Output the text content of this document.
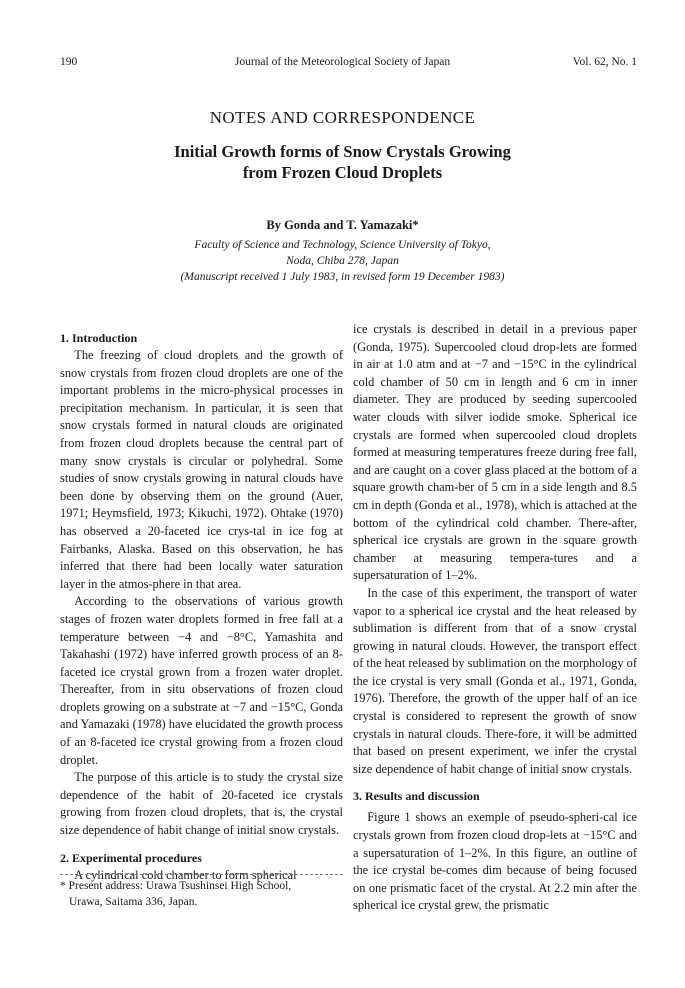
190	Journal of the Meteorological Society of Japan	Vol. 62, No. 1
NOTES AND CORRESPONDENCE
Initial Growth forms of Snow Crystals Growing
from Frozen Cloud Droplets
By Gonda and T. Yamazaki*
Faculty of Science and Technology, Science University of Tokyo,
Noda, Chiba 278, Japan
(Manuscript received 1 July 1983, in revised form 19 December 1983)
1. Introduction

The freezing of cloud droplets and the growth of snow crystals from frozen cloud droplets are one of the important problems in the micro-physical processes in precipitation mechanism. In particular, it is seen that snow crystals formed in natural clouds are originated from frozen cloud droplets because the central part of many snow crystals is circular or polyhedral. Some studies of snow crystals growing in natural clouds have been done by observing them on the ground (Auer, 1971; Heymsfield, 1973; Kikuchi, 1972). Ohtake (1970) has observed a 20-faceted ice crys-tal in ice fog at Fairbanks, Alaska. Based on this observation, he has inferred that there had been locally water saturation layer in the atmos-phere in that area.

According to the observations of various growth stages of frozen water droplets formed in free fall at a temperature between −4 and −8°C, Yamashita and Takahashi (1972) have inferred growth process of an 8-faceted ice crystal grown from a frozen water droplet. Thereafter, from in situ observations of frozen cloud droplets growing on a substrate at −7 and −15°C, Gonda and Yamazaki (1978) have elucidated the growth process of an 8-faceted ice crystal growing from a frozen cloud droplet.

The purpose of this article is to study the crystal size dependence of the habit of 20-faceted ice crystals growing from frozen cloud droplets, that is, the crystal size dependence of habit change of initial snow crystals.

2. Experimental procedures

A cylindrical cold chamber to form spherical

* Present address: Urawa Tsushinsei High School,
Urawa, Saitama 336, Japan.

ice crystals is described in detail in a previous paper (Gonda, 1975). Supercooled cloud drop-lets are formed in air at 1.0 atm and at −7 and −15°C in the cylindrical cold chamber of 50 cm in length and 6 cm in inner diameter. They are produced by seeding supercooled water clouds with silver iodide smoke. Spherical ice crystals are formed when supercooled cloud droplets formed at measuring temperatures freeze during free fall, and are caught on a cover glass placed at the bottom of a square growth cham-ber of 5 cm in a side length and 8.5 cm in depth (Gonda et al., 1978), which is attached at the bottom of the cylindrical cold chamber. There-after, spherical ice crystals are grown in the square growth chamber at measuring tempera-tures and a supersaturation of 1–2%.

In the case of this experiment, the transport of water vapor to a spherical ice crystal and the heat released by sublimation is different from that of a snow crystal growing in natural clouds. However, the transport effect of the heat released by sublimation on the morphology of the ice crystal is very small (Gonda et al., 1971, Gonda, 1976). Therefore, the growth of the upper half of an ice crystal is considered to represent the growth of snow crystals in natural clouds. There-fore, it will be admitted that based on present experiment, we infer the crystal size dependence of habit change of initial snow crystals.

3. Results and discussion

Figure 1 shows an exemple of pseudo-spheri-cal ice crystals grown from frozen cloud drop-lets at −15°C and a supersaturation of 1–2%. In this figure, an outline of the ice crystal be-comes dim because of being focused on one prismatic facet of the crystal. At 2.2 min after the spherical ice crystal grew, the prismatic
